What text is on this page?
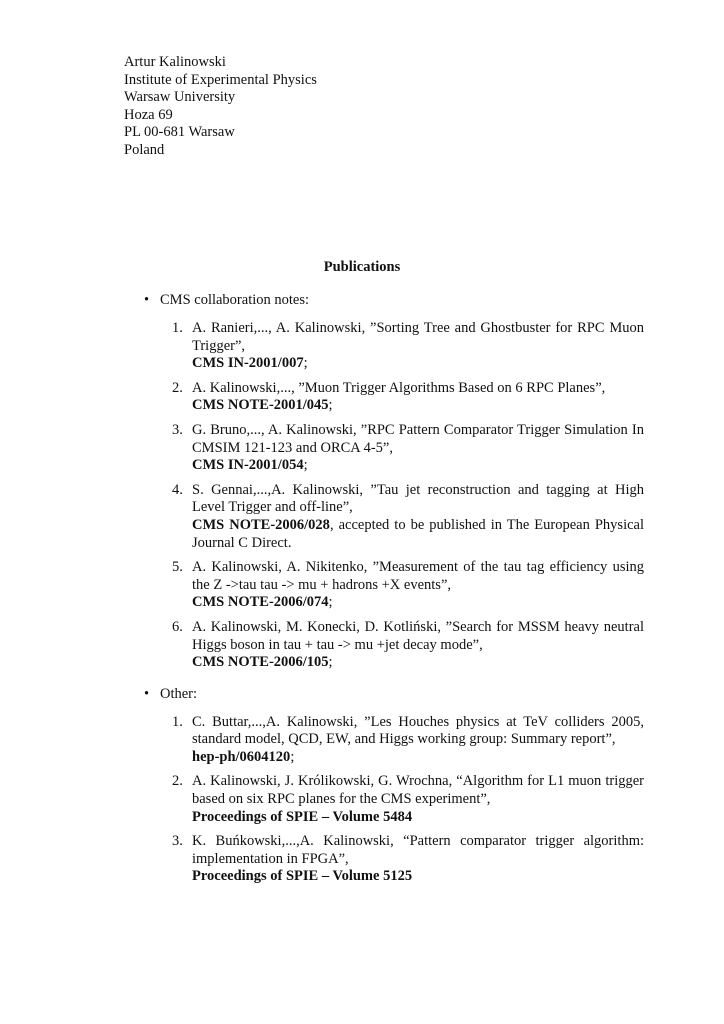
Artur Kalinowski
Institute of Experimental Physics
Warsaw University
Hoza 69
PL 00-681 Warsaw
Poland
Publications
• CMS collaboration notes:
1. A. Ranieri,..., A. Kalinowski, ”Sorting Tree and Ghostbuster for RPC Muon Trigger”,
CMS IN-2001/007;
2. A. Kalinowski,..., ”Muon Trigger Algorithms Based on 6 RPC Planes”,
CMS NOTE-2001/045;
3. G. Bruno,..., A. Kalinowski, ”RPC Pattern Comparator Trigger Simulation In CMSIM 121-123 and ORCA 4-5”,
CMS IN-2001/054;
4. S. Gennai,...,A. Kalinowski, ”Tau jet reconstruction and tagging at High Level Trigger and off-line”,
CMS NOTE-2006/028, accepted to be published in The European Physical Journal C Direct.
5. A. Kalinowski, A. Nikitenko, ”Measurement of the tau tag efficiency using the Z ->tau tau -> mu + hadrons +X events”,
CMS NOTE-2006/074;
6. A. Kalinowski, M. Konecki, D. Kotliński, ”Search for MSSM heavy neutral Higgs boson in tau + tau -> mu +jet decay mode”,
CMS NOTE-2006/105;
• Other:
1. C. Buttar,...,A. Kalinowski, ”Les Houches physics at TeV colliders 2005, standard model, QCD, EW, and Higgs working group: Summary report”,
hep-ph/0604120;
2. A. Kalinowski, J. Królikowski, G. Wrochna, “Algorithm for L1 muon trigger based on six RPC planes for the CMS experiment”,
Proceedings of SPIE – Volume 5484
3. K. Buńkowski,...,A. Kalinowski, “Pattern comparator trigger algorithm: implementation in FPGA”,
Proceedings of SPIE – Volume 5125
